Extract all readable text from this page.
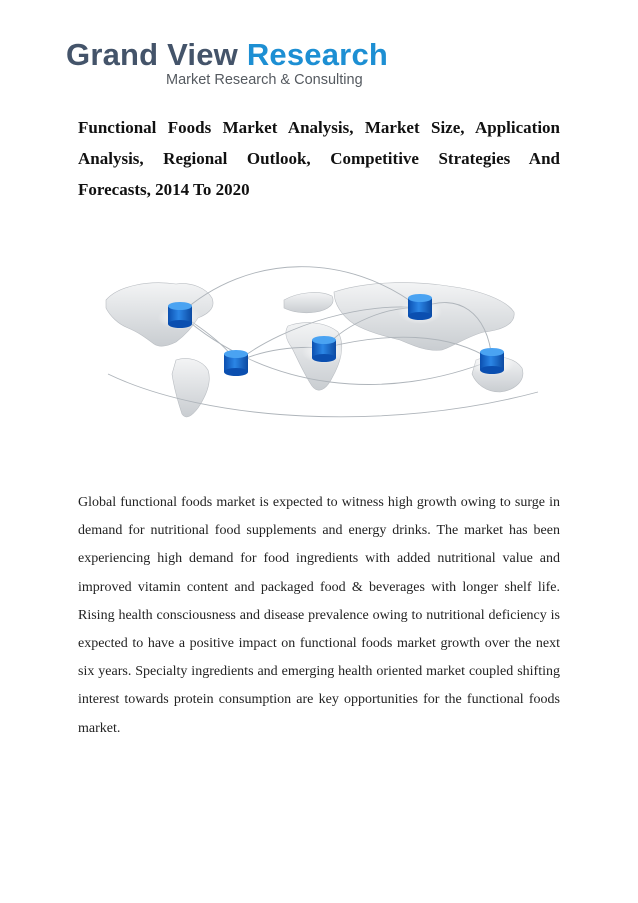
Grand View Research
Market Research & Consulting
Functional Foods Market Analysis, Market Size, Application Analysis, Regional Outlook, Competitive Strategies And Forecasts, 2014 To 2020

Global functional foods market is expected to witness high growth owing to surge in demand for nutritional food supplements and energy drinks. The market has been experiencing high demand for food ingredients with added nutritional value and improved vitamin content and packaged food & beverages with longer shelf life. Rising health consciousness and disease prevalence owing to nutritional deficiency is expected to have a positive impact on functional foods market growth over the next six years. Specialty ingredients and emerging health oriented market coupled shifting interest towards protein consumption are key opportunities for the functional foods market.
